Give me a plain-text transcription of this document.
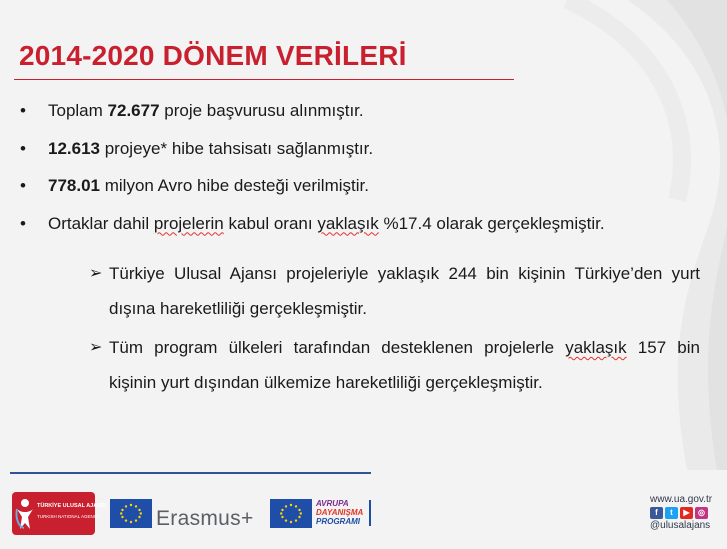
2014-2020 DÖNEM VERİLERİ
• Toplam 72.677 proje başvurusu alınmıştır.
• 12.613 projeye* hibe tahsisatı sağlanmıştır.
• 778.01 milyon Avro hibe desteği verilmiştir.
• Ortaklar dahil projelerin kabul oranı yaklaşık %17.4 olarak gerçekleşmiştir.
➢ Türkiye Ulusal Ajansı projeleriyle yaklaşık 244 bin kişinin Türkiye’den yurt dışına hareketliliği gerçekleşmiştir.
➢ Tüm program ülkeleri tarafından desteklenen projelerle yaklaşık 157 bin kişinin yurt dışından ülkemize hareketliliği gerçekleşmiştir.
TÜRKİYE ULUSAL AJANSI
TURKISH NATIONAL AGENCY	Erasmus+
AVRUPA
DAYANIŞMA
PROGRAMI
www.ua.gov.tr
f	t	▶	◎
@ulusalajans
